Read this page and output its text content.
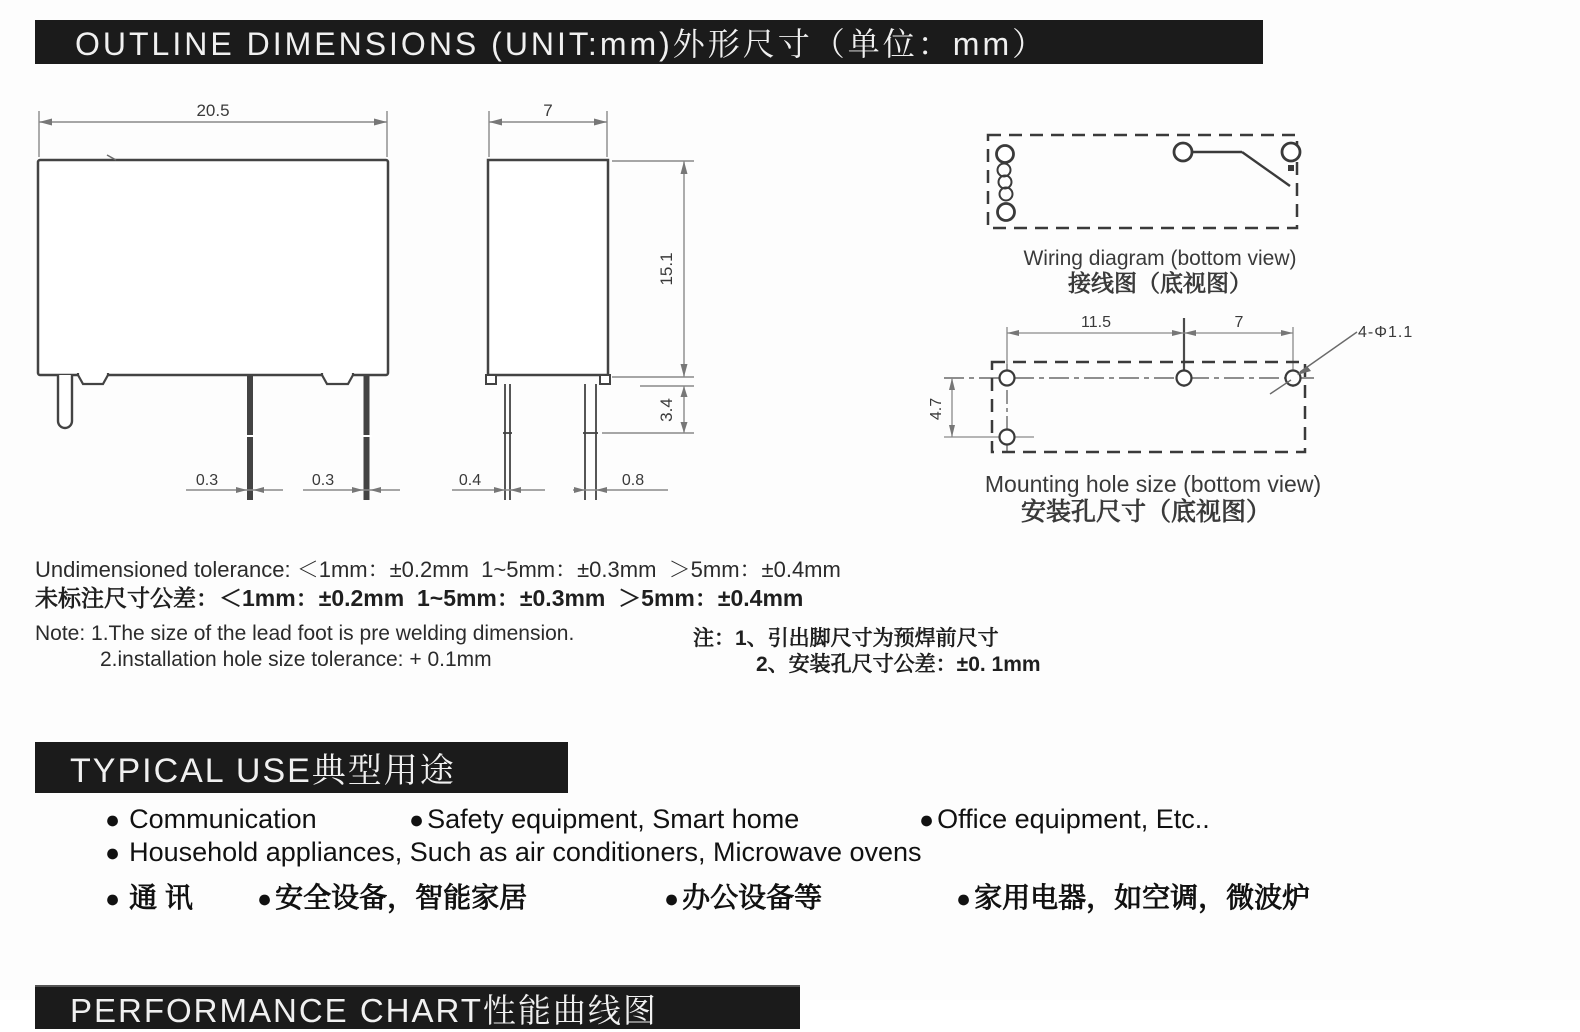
OUTLINE DIMENSIONS (UNIT:mm)外形尺寸（单位：mm）
20.5
0.3	0.3
7
15.1
3.4
0.4	0.8
Wiring diagram (bottom view)
接线图（底视图）
11.5	7
4.7
4-Φ1.1
Mounting hole size (bottom view)
安装孔尺寸（底视图）
Undimensioned tolerance: ＜1mm：±0.2mm  1~5mm：±0.3mm  ＞5mm：±0.4mm
未标注尺寸公差：＜1mm：±0.2mm  1~5mm：±0.3mm  ＞5mm：±0.4mm
Note: 1.The size of the lead foot is pre welding dimension.	注：1、引出脚尺寸为预焊前尺寸
2.installation hole size tolerance: + 0.1mm	2、安装孔尺寸公差：±0. 1mm
TYPICAL USE典型用途
● Communication	● Safety equipment, Smart home	● Office equipment, Etc..
● Household appliances, Such as air conditioners, Microwave ovens
● 通 讯	● 安全设备，智能家居	● 办公设备等	● 家用电器，如空调，微波炉
PERFORMANCE CHART性能曲线图
